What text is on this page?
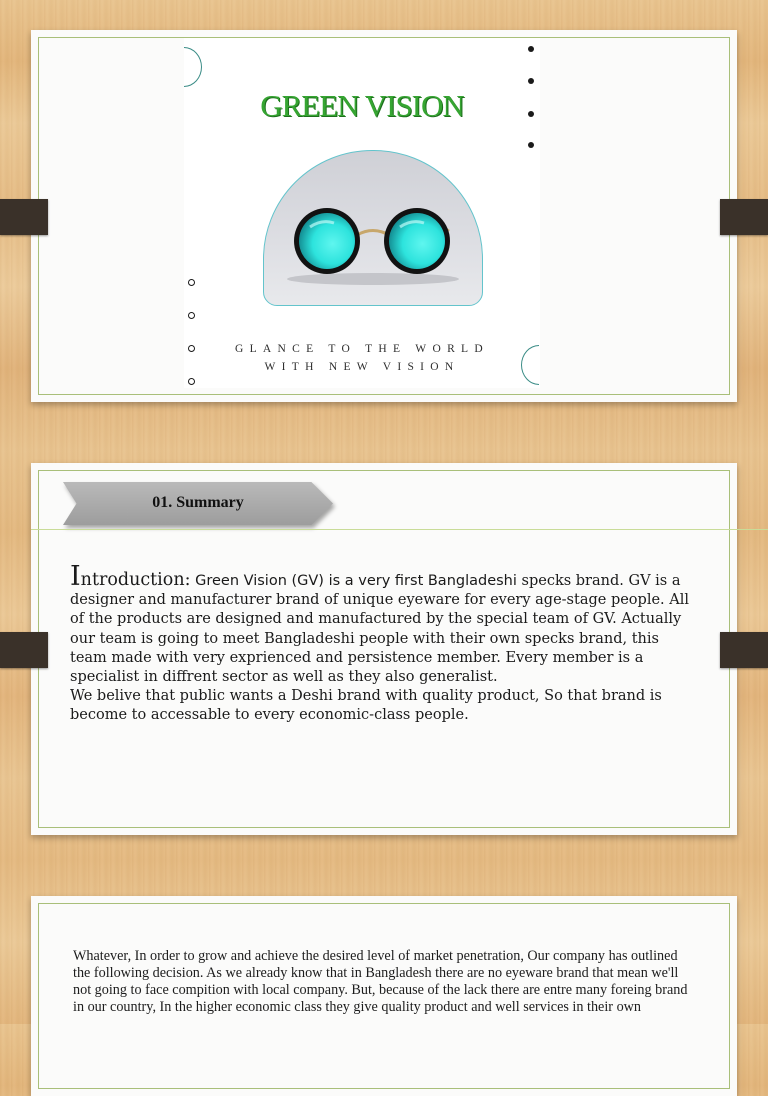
GREEN VISION
GLANCE TO THE WORLD
WITH NEW VISION
01. Summary

Introduction: Green Vision (GV) is a very first Bangladeshi specks brand. GV is a designer and manufacturer brand of unique eyeware for every age-stage people. All of the products are designed and manufactured by the special team of GV. Actually our team is going to meet Bangladeshi people with their own specks brand, this team made with very exprienced and persistence member. Every member is a specialist in diffrent sector as well as they also generalist.

We belive that public wants a Deshi brand with quality product, So that brand is become to accessable to every economic-class people.

Whatever, In order to grow and achieve the desired level of market penetration, Our company has outlined the following decision. As we already know that in Bangladesh there are no eyeware brand that mean we'll not going to face compition with local company. But, because of the lack there are entre many foreing brand in our country, In the higher economic class they give quality product and well services in their own
